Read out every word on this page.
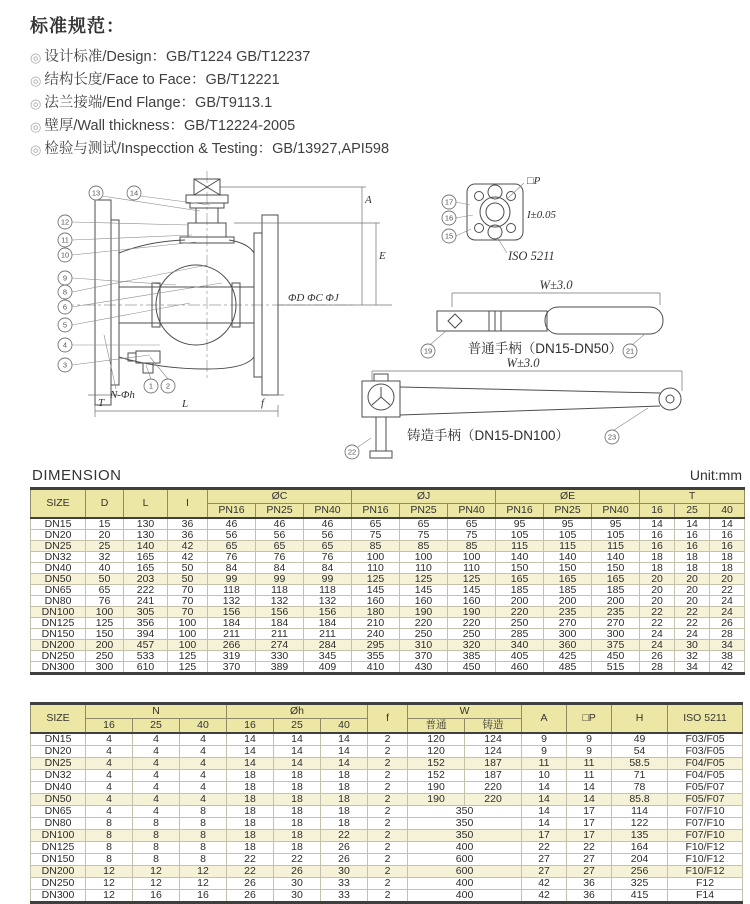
标准规范：
◎ 设计标准/Design：GB/T1224 GB/T12237
◎ 结构长度/Face to Face：GB/T12221
◎ 法兰接端/End Flange：GB/T9113.1
◎ 壁厚/Wall thickness：GB/T12224-2005
◎ 检验与测试/Inspecction & Testing：GB/13927,API598
A
E
ΦD ΦC ΦJ
T	L	f
N-Φh
13	14
12
11
10
9
8
6
5
4
3
1 2
□P
I±0.05
ISO 5211
17
16
15
W±3.0
普通手柄（DN15-DN50）
19	21
W±3.0
铸造手柄（DN15-DN100）
22
23
DIMENSION	Unit:mm
SIZE	D	L	I	ØC			ØJ			ØE			T		
				PN16	PN25	PN40	PN16	PN25	PN40	PN16	PN25	PN40	16	25	40
DN15	15	130	36	46	46	46	65	65	65	95	95	95	14	14	14
DN20	20	130	36	56	56	56	75	75	75	105	105	105	16	16	16
DN25	25	140	42	65	65	65	85	85	85	115	115	115	16	16	16
DN32	32	165	42	76	76	76	100	100	100	140	140	140	18	18	18
DN40	40	165	50	84	84	84	110	110	110	150	150	150	18	18	18
DN50	50	203	50	99	99	99	125	125	125	165	165	165	20	20	20
DN65	65	222	70	118	118	118	145	145	145	185	185	185	20	20	22
DN80	76	241	70	132	132	132	160	160	160	200	200	200	20	20	24
DN100	100	305	70	156	156	156	180	190	190	220	235	235	22	22	24
DN125	125	356	100	184	184	184	210	220	220	250	270	270	22	22	26
DN150	150	394	100	211	211	211	240	250	250	285	300	300	24	24	28
DN200	200	457	100	266	274	284	295	310	320	340	360	375	24	30	34
DN250	250	533	125	319	330	345	355	370	385	405	425	450	26	32	38
DN300	300	610	125	370	389	409	410	430	450	460	485	515	28	34	42
SIZE	N			Øh			f	W		A	□P	H	ISO 5211
	16	25	40	16	25	40		普通	铸造				
DN15	4	4	4	14	14	14	2	120	124	9	9	49	F03/F05
DN20	4	4	4	14	14	14	2	120	124	9	9	54	F03/F05
DN25	4	4	4	14	14	14	2	152	187	11	11	58.5	F04/F05
DN32	4	4	4	18	18	18	2	152	187	10	11	71	F04/F05
DN40	4	4	4	18	18	18	2	190	220	14	14	78	F05/F07
DN50	4	4	4	18	18	18	2	190	220	14	14	85.8	F05/F07
DN65	4	4	8	18	18	18	2	350		14	17	114	F07/F10
DN80	8	8	8	18	18	18	2	350		14	17	122	F07/F10
DN100	8	8	8	18	18	22	2	350		17	17	135	F07/F10
DN125	8	8	8	18	18	26	2	400		22	22	164	F10/F12
DN150	8	8	8	22	22	26	2	600		27	27	204	F10/F12
DN200	12	12	12	22	26	30	2	600		27	27	256	F10/F12
DN250	12	12	12	26	30	33	2	400		42	36	325	F12
DN300	12	16	16	26	30	33	2	400		42	36	415	F14
